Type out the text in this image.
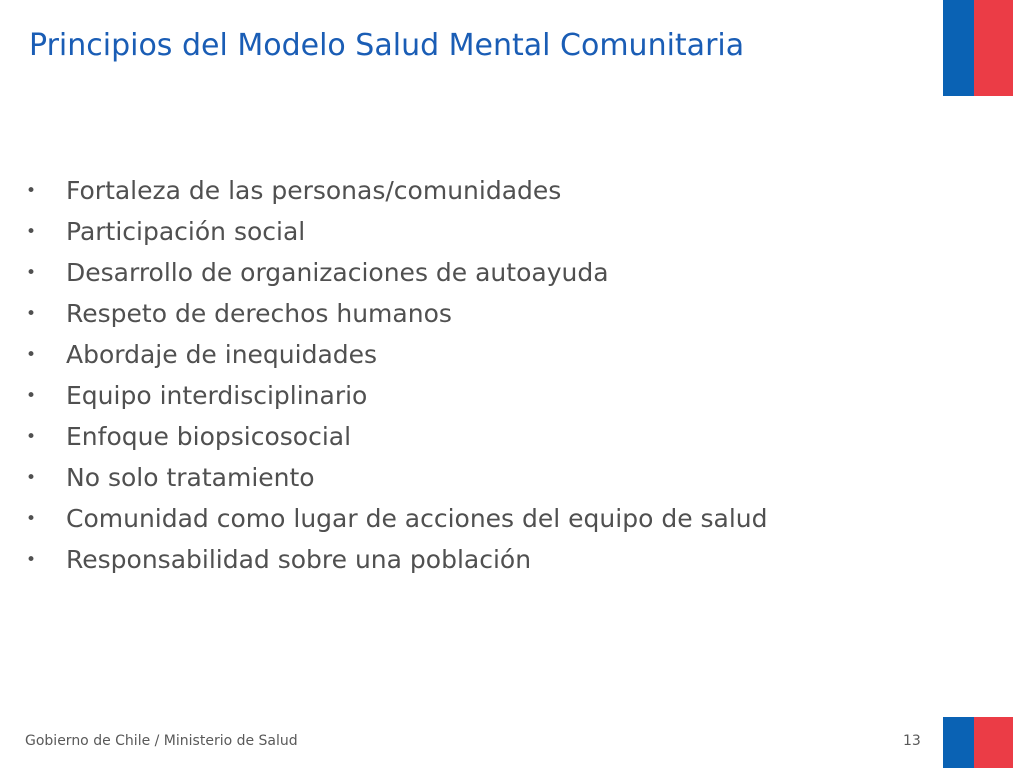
Principios del Modelo Salud Mental Comunitaria
•	Fortaleza de las personas/comunidades
•	Participación social
•	Desarrollo de organizaciones de autoayuda
•	Respeto de derechos humanos
•	Abordaje de inequidades
•	Equipo interdisciplinario
•	Enfoque biopsicosocial
•	No solo tratamiento
•	Comunidad como lugar de acciones del equipo de salud
•	Responsabilidad sobre una población
Gobierno de Chile / Ministerio de Salud	13
